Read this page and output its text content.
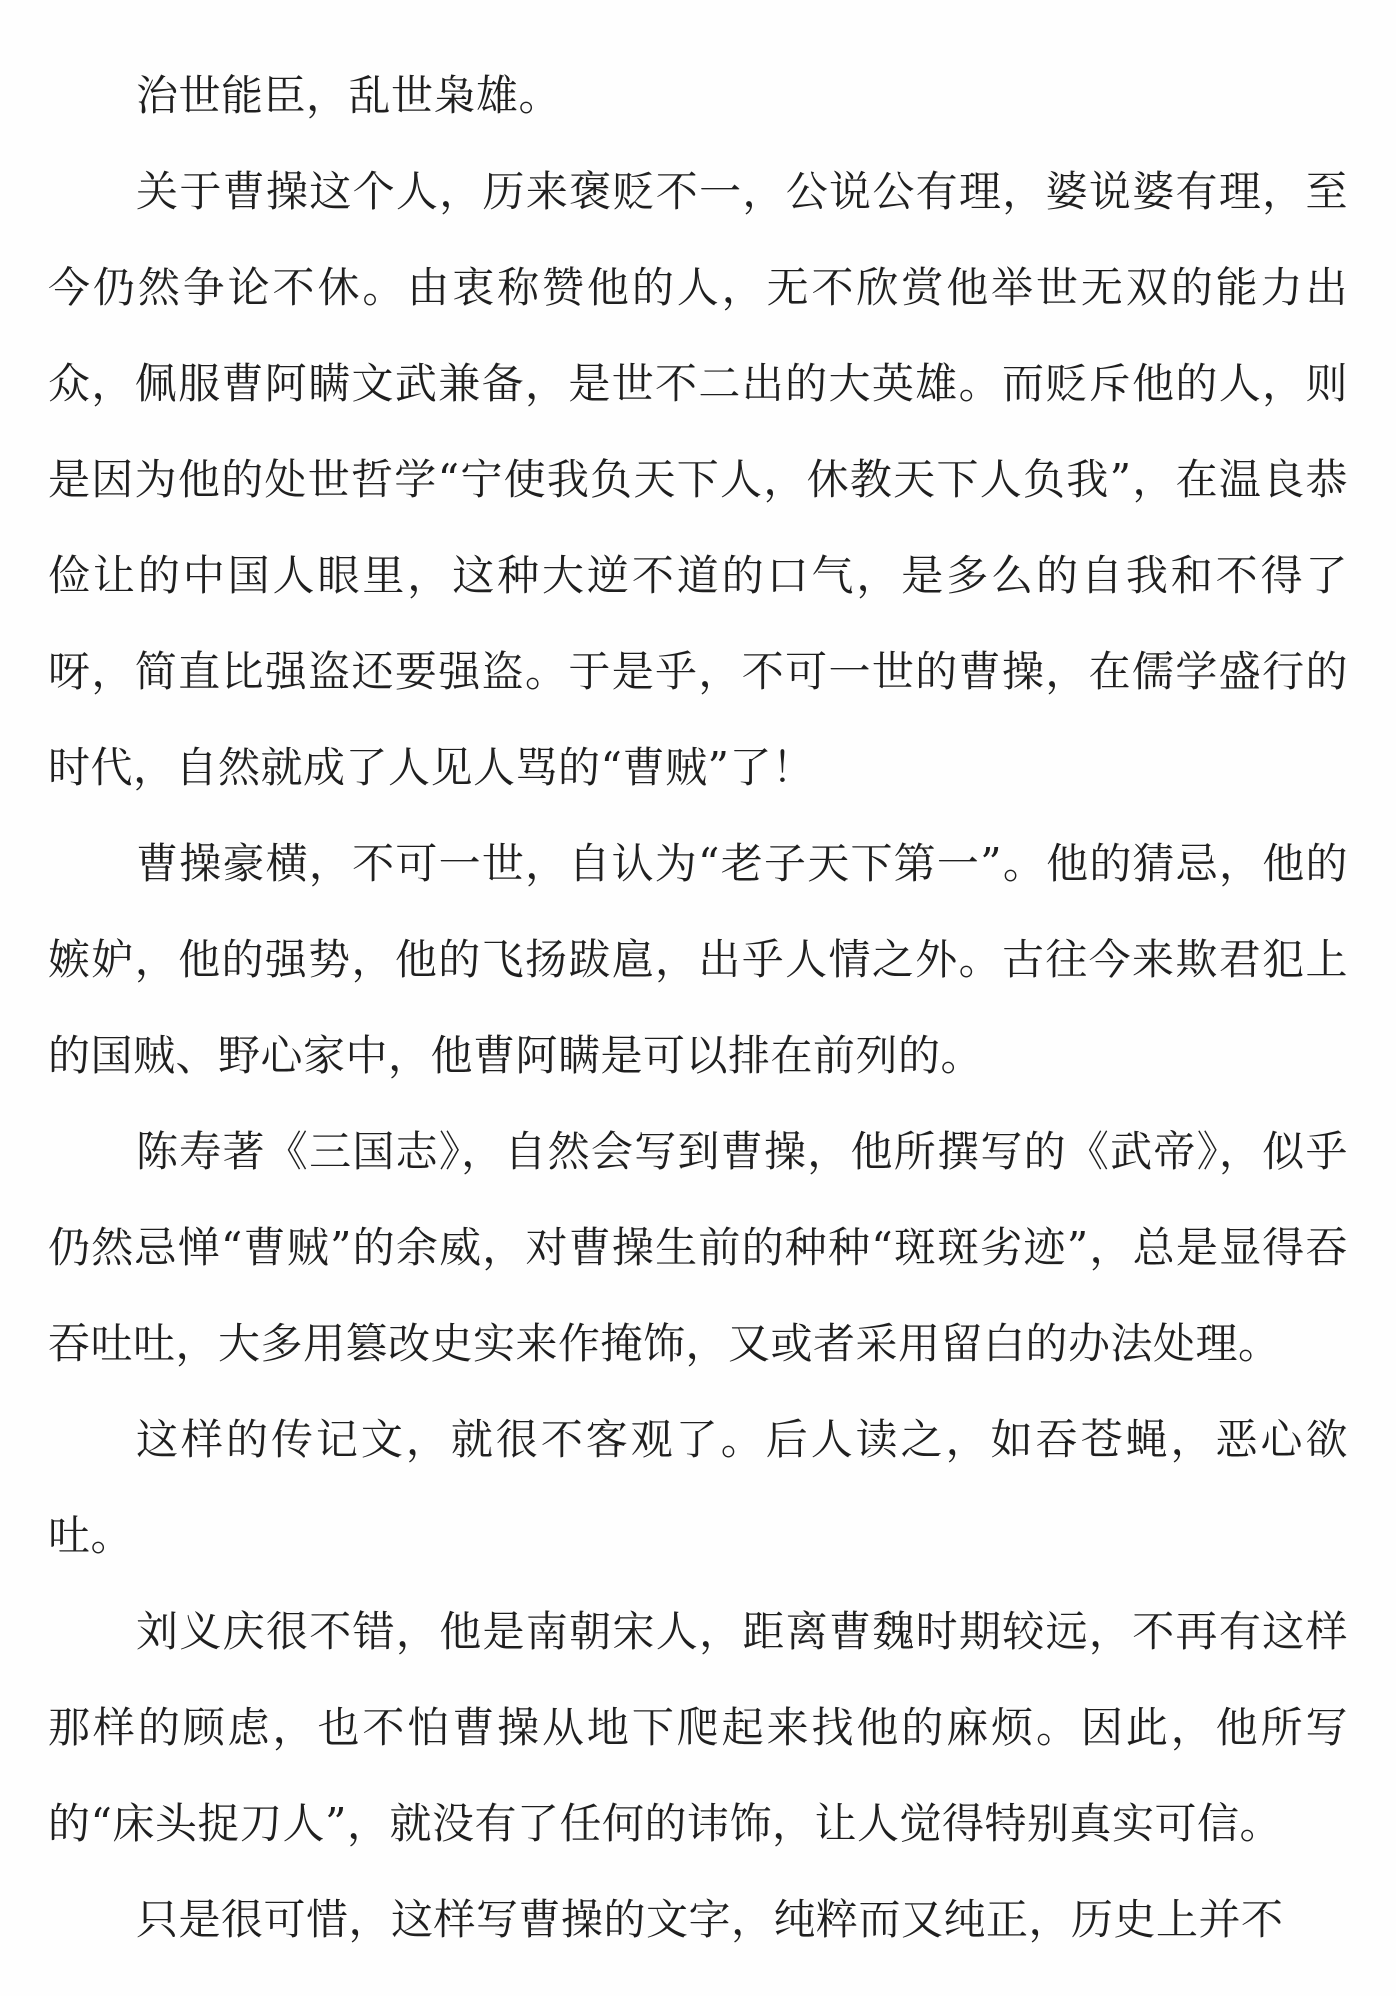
治世能臣，乱世枭雄。

关于曹操这个人，历来褒贬不一，公说公有理，婆说婆有理，至今仍然争论不休。由衷称赞他的人，无不欣赏他举世无双的能力出众，佩服曹阿瞒文武兼备，是世不二出的大英雄。而贬斥他的人，则是因为他的处世哲学“宁使我负天下人，休教天下人负我”，在温良恭俭让的中国人眼里，这种大逆不道的口气，是多么的自我和不得了呀，简直比强盗还要强盗。于是乎，不可一世的曹操，在儒学盛行的时代，自然就成了人见人骂的“曹贼”了！

曹操豪横，不可一世，自认为“老子天下第一”。他的猜忌，他的嫉妒，他的强势，他的飞扬跋扈，出乎人情之外。古往今来欺君犯上的国贼、野心家中，他曹阿瞒是可以排在前列的。

陈寿著《三国志》，自然会写到曹操，他所撰写的《武帝》，似乎仍然忌惮“曹贼”的余威，对曹操生前的种种“斑斑劣迹”，总是显得吞吞吐吐，大多用篡改史实来作掩饰，又或者采用留白的办法处理。

这样的传记文，就很不客观了。后人读之，如吞苍蝇，恶心欲吐。

刘义庆很不错，他是南朝宋人，距离曹魏时期较远，不再有这样那样的顾虑，也不怕曹操从地下爬起来找他的麻烦。因此，他所写的“床头捉刀人”，就没有了任何的讳饰，让人觉得特别真实可信。

只是很可惜，这样写曹操的文字，纯粹而又纯正，历史上并不
